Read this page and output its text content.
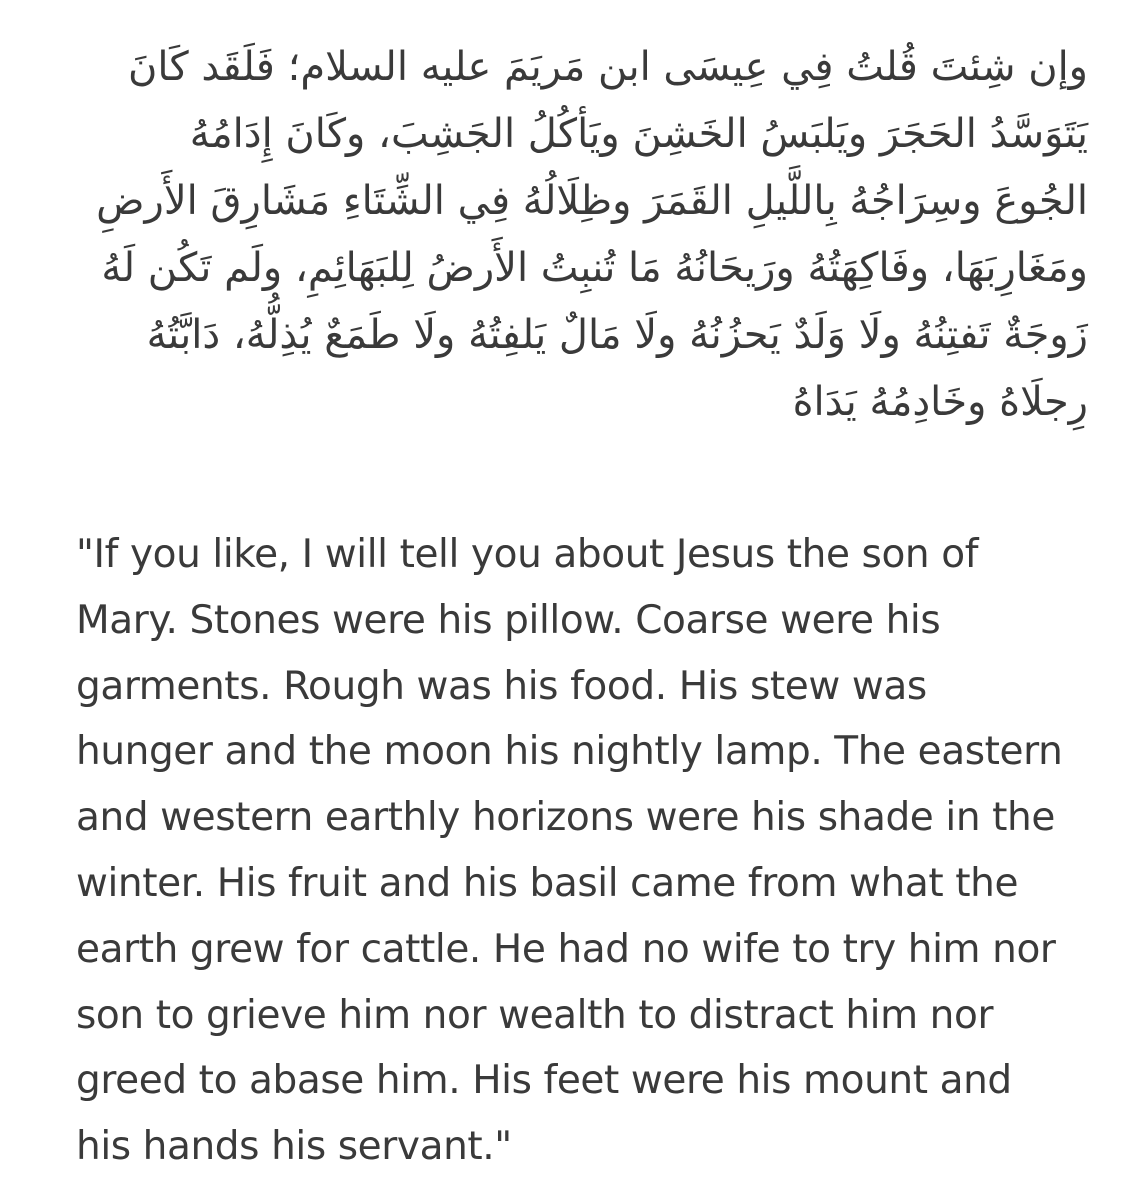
وإن شِئتَ قُلتُ فِي عِيسَى ابن مَريَمَ عليه السلام؛ فَلَقَد كَانَ
يَتَوَسَّدُ الحَجَرَ ويَلبَسُ الخَشِنَ ويَأكُلُ الجَشِبَ، وكَانَ إِدَامُهُ
الجُوعَ وسِرَاجُهُ بِاللَّيلِ القَمَرَ وظِلَالُهُ فِي الشِّتَاءِ مَشَارِقَ الأَرضِ
ومَغَارِبَهَا، وفَاكِهَتُهُ ورَيحَانُهُ مَا تُنبِتُ الأَرضُ لِلبَهَائِمِ، ولَم تَكُن لَهُ
زَوجَةٌ تَفتِنُهُ ولَا وَلَدٌ يَحزُنُهُ ولَا مَالٌ يَلفِتُهُ ولَا طَمَعٌ يُذِلُّهُ، دَابَّتُهُ
رِجلَاهُ وخَادِمُهُ يَدَاهُ
"If you like, I will tell you about Jesus the son of
Mary. Stones were his pillow. Coarse were his
garments. Rough was his food. His stew was
hunger and the moon his nightly lamp. The eastern
and western earthly horizons were his shade in the
winter. His fruit and his basil came from what the
earth grew for cattle. He had no wife to try him nor
son to grieve him nor wealth to distract him nor
greed to abase him. His feet were his mount and
his hands his servant."
